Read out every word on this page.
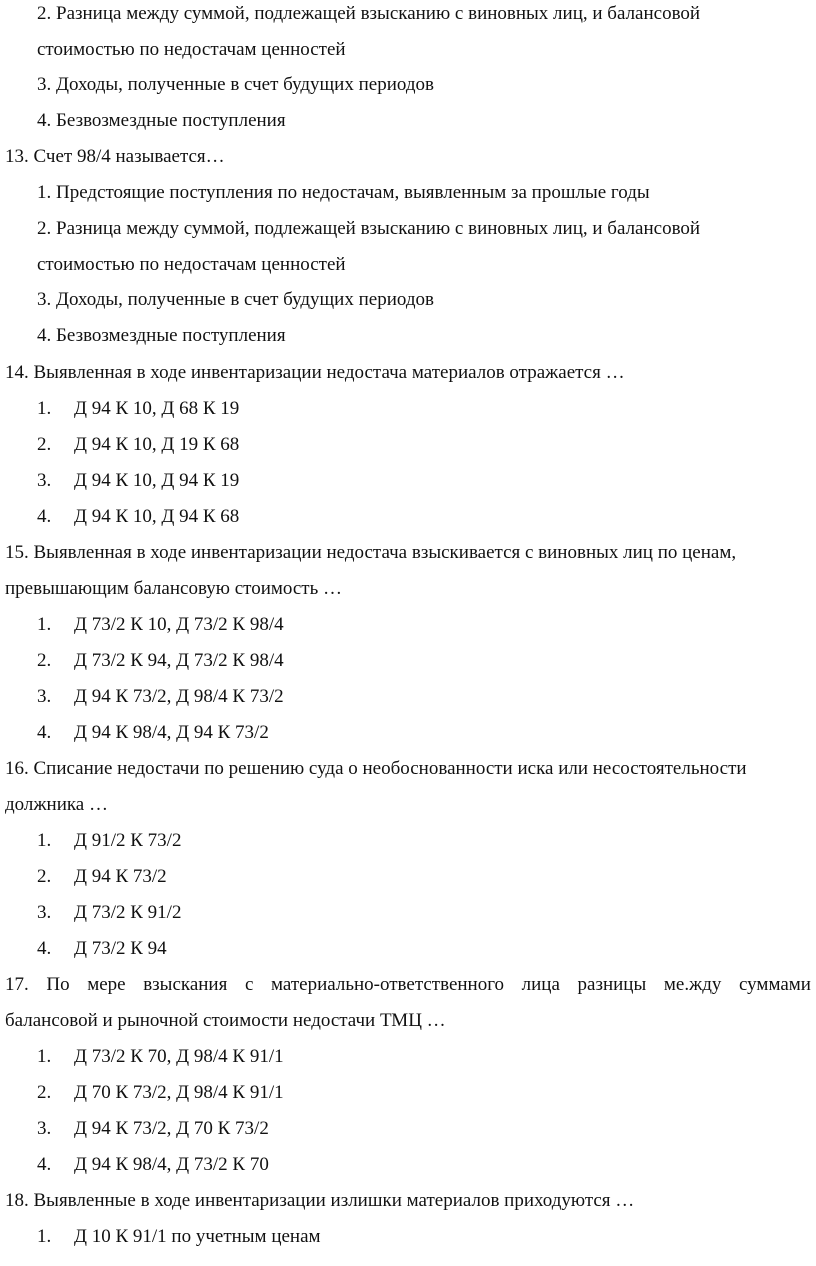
2. Разница между суммой, подлежащей взысканию с виновных лиц, и балансовой
стоимостью по недостачам ценностей
3. Доходы, полученные в счет будущих периодов
4. Безвозмездные поступления
13. Счет 98/4 называется…
1. Предстоящие поступления по недостачам, выявленным за прошлые годы
2. Разница между суммой, подлежащей взысканию с виновных лиц, и балансовой
стоимостью по недостачам ценностей
3. Доходы, полученные в счет будущих периодов
4. Безвозмездные поступления
14. Выявленная в ходе инвентаризации недостача материалов отражается …
1. Д 94 К 10, Д 68 К 19
2. Д 94 К 10, Д 19 К 68
3. Д 94 К 10, Д 94 К 19
4. Д 94 К 10, Д 94 К 68
15. Выявленная в ходе инвентаризации недостача взыскивается с виновных лиц по ценам,
превышающим балансовую стоимость …
1. Д 73/2 К 10, Д 73/2 К 98/4
2. Д 73/2 К 94, Д 73/2 К 98/4
3. Д 94 К 73/2, Д 98/4 К 73/2
4. Д 94 К 98/4, Д 94 К 73/2
16. Списание недостачи по решению суда о необоснованности иска или несостоятельности
должника …
1. Д 91/2 К 73/2
2. Д 94 К 73/2
3. Д 73/2 К 91/2
4. Д 73/2 К 94
17. По мере взыскания с материально-ответственного лица разницы ме.жду суммами
балансовой и рыночной стоимости недостачи ТМЦ …
1. Д 73/2 К 70, Д 98/4 К 91/1
2. Д 70 К 73/2, Д 98/4 К 91/1
3. Д 94 К 73/2, Д 70 К 73/2
4. Д 94 К 98/4, Д 73/2 К 70
18. Выявленные в ходе инвентаризации излишки материалов приходуются …
1. Д 10 К 91/1 по учетным ценам
